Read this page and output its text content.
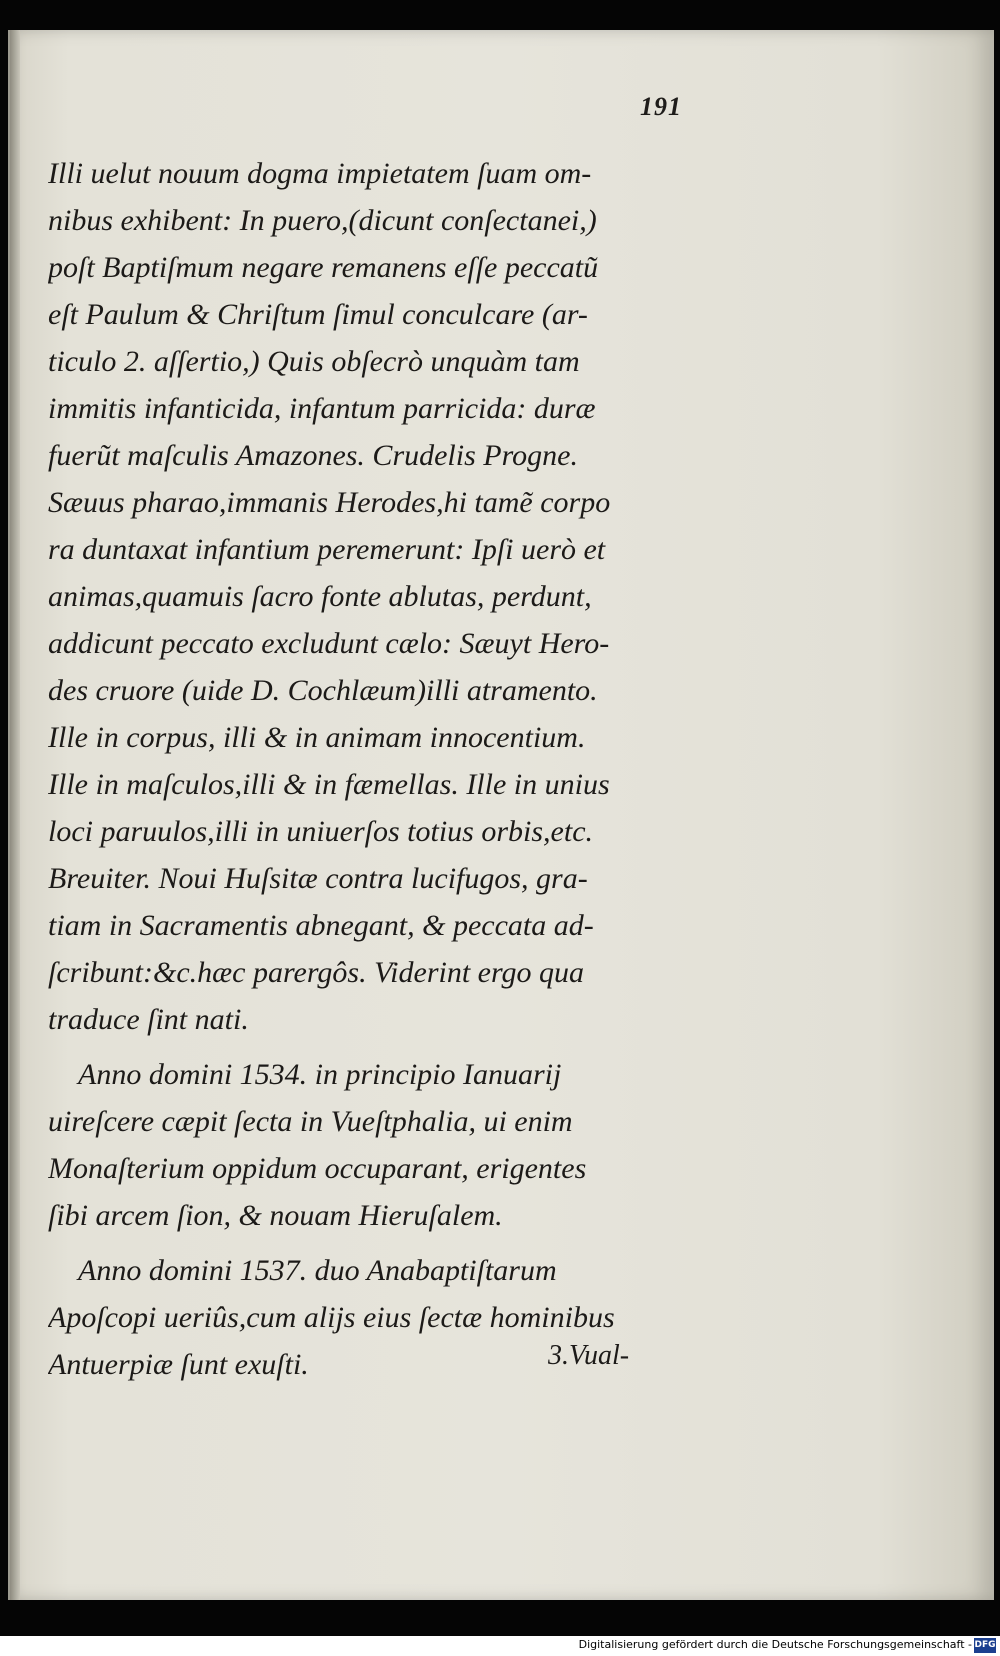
191
Illi uelut nouum dogma impietatem ſuam om-
nibus exhibent: In puero,(dicunt conſectanei,)
poſt Baptiſmum negare remanens eſſe peccatũ
eſt Paulum & Chriſtum ſimul conculcare (ar-
ticulo 2. aſſertio,) Quis obſecrò unquàm tam
immitis infanticida, infantum parricida: duræ
fuerũt maſculis Amazones. Crudelis Progne.
Sæuus pharao,immanis Herodes,hi tamẽ corpo
ra duntaxat infantium peremerunt: Ipſi uerò et
animas,quamuis ſacro fonte ablutas, perdunt,
addicunt peccato excludunt cælo: Sæuyt Hero-
des cruore (uide D. Cochlæum)illi atramento.
Ille in corpus, illi & in animam innocentium.
Ille in maſculos,illi & in fæmellas. Ille in unius
loci paruulos,illi in uniuerſos totius orbis,etc.
Breuiter. Noui Huſsitæ contra lucifugos, gra-
tiam in Sacramentis abnegant, & peccata ad-
ſcribunt:&c.hæc parergôs. Viderint ergo qua
traduce ſint nati.
Anno domini 1534. in principio Ianuarij
uireſcere cæpit ſecta in Vueſtphalia, ui enim
Monaſterium oppidum occuparant, erigentes
ſibi arcem ſion, & nouam Hieruſalem.
Anno domini 1537. duo Anabaptiſtarum
Apoſcopi ueriûs,cum alijs eius ſectæ hominibus
Antuerpiæ ſunt exuſti.	3.Vual-
Digitalisierung gefördert durch die Deutsche Forschungsgemeinschaft - DFG
